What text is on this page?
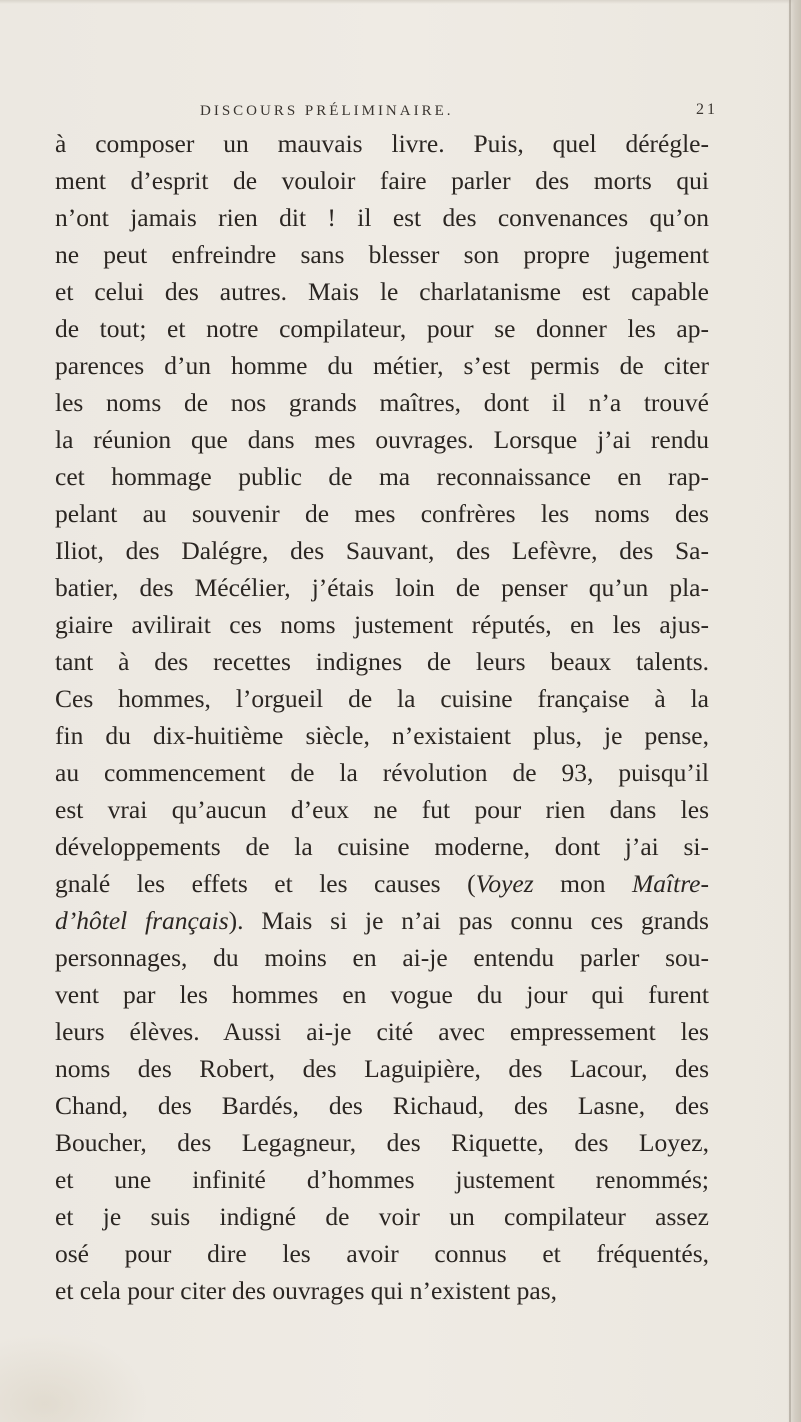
DISCOURS PRÉLIMINAIRE.	21
à composer un mauvais livre. Puis, quel dérégle-
ment d’esprit de vouloir faire parler des morts qui
n’ont jamais rien dit ! il est des convenances qu’on
ne peut enfreindre sans blesser son propre jugement
et celui des autres. Mais le charlatanisme est capable
de tout; et notre compilateur, pour se donner les ap-
parences d’un homme du métier, s’est permis de citer
les noms de nos grands maîtres, dont il n’a trouvé
la réunion que dans mes ouvrages. Lorsque j’ai rendu
cet hommage public de ma reconnaissance en rap-
pelant au souvenir de mes confrères les noms des
Iliot, des Dalégre, des Sauvant, des Lefèvre, des Sa-
batier, des Mécélier, j’étais loin de penser qu’un pla-
giaire avilirait ces noms justement réputés, en les ajus-
tant à des recettes indignes de leurs beaux talents.
Ces hommes, l’orgueil de la cuisine française à la
fin du dix-huitième siècle, n’existaient plus, je pense,
au commencement de la révolution de 93, puisqu’il
est vrai qu’aucun d’eux ne fut pour rien dans les
développements de la cuisine moderne, dont j’ai si-
gnalé les effets et les causes (Voyez mon Maître-
d’hôtel français). Mais si je n’ai pas connu ces grands
personnages, du moins en ai-je entendu parler sou-
vent par les hommes en vogue du jour qui furent
leurs élèves. Aussi ai-je cité avec empressement les
noms des Robert, des Laguipière, des Lacour, des
Chand, des Bardés, des Richaud, des Lasne, des
Boucher, des Legagneur, des Riquette, des Loyez,
et une infinité d’hommes justement renommés;
et je suis indigné de voir un compilateur assez
osé pour dire les avoir connus et fréquentés,
et cela pour citer des ouvrages qui n’existent pas,
